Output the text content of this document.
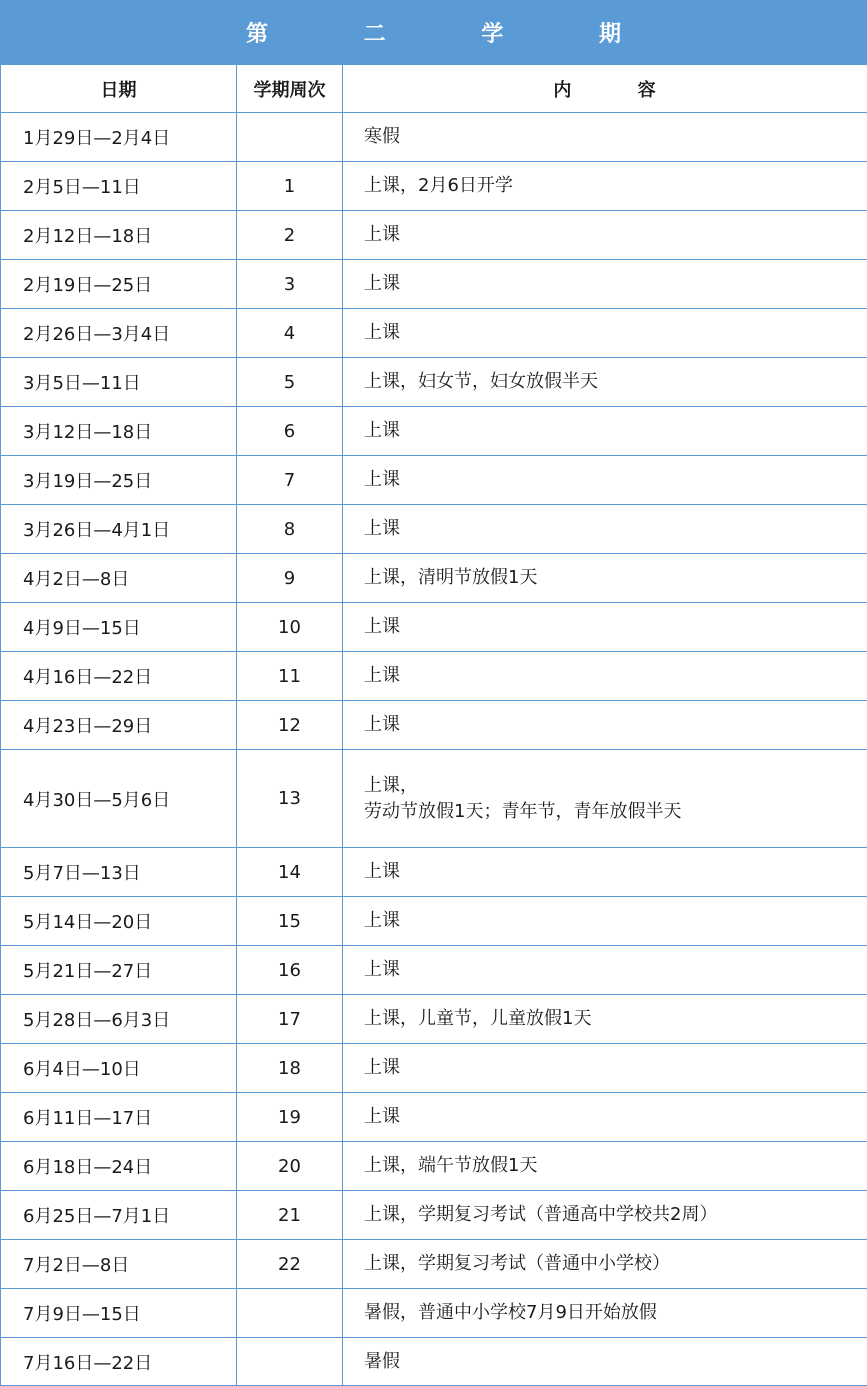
第 二 学 期
日期	学期周次	内 容
1月29日—2月4日		寒假

2月5日—11日	1	上课，2月6日开学

2月12日—18日	2	上课

2月19日—25日	3	上课

2月26日—3月4日	4	上课

3月5日—11日	5	上课，妇女节，妇女放假半天

3月12日—18日	6	上课

3月19日—25日	7	上课

3月26日—4月1日	8	上课

4月2日—8日	9	上课，清明节放假1天

4月9日—15日	10	上课

4月16日—22日	11	上课

4月23日—29日	12	上课

4月30日—5月6日	13	上课，
劳动节放假1天；青年节，青年放假半天

5月7日—13日	14	上课

5月14日—20日	15	上课

5月21日—27日	16	上课

5月28日—6月3日	17	上课，儿童节，儿童放假1天

6月4日—10日	18	上课

6月11日—17日	19	上课

6月18日—24日	20	上课，端午节放假1天

6月25日—7月1日	21	上课，学期复习考试（普通高中学校共2周）

7月2日—8日	22	上课，学期复习考试（普通中小学校）

7月9日—15日		暑假，普通中小学校7月9日开始放假

7月16日—22日		暑假
